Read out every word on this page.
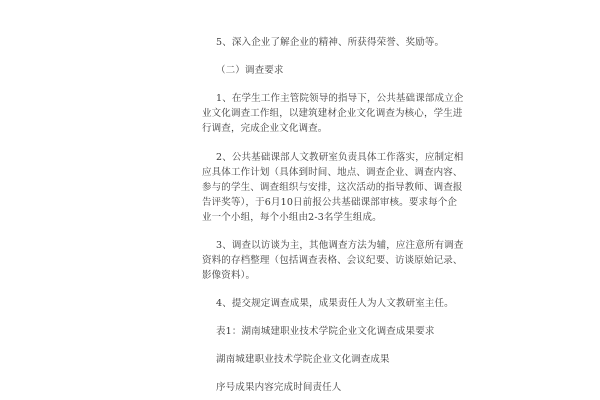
5、深入企业了解企业的精神、所获得荣誉、奖励等。
（二）调查要求
1、在学生工作主管院领导的指导下，公共基础课部成立企
业文化调查工作组，以建筑建材企业文化调查为核心，学生进
行调查，完成企业文化调查。
2、公共基础课部人文教研室负责具体工作落实，应制定相
应具体工作计划（具体到时间、地点、调查企业、调查内容、
参与的学生、调查组织与安排，这次活动的指导教师、调查报
告评奖等），于6月10日前报公共基础课部审核。要求每个企
业一个小组，每个小组由2-3名学生组成。
3、调查以访谈为主，其他调查方法为辅，应注意所有调查
资料的存档整理（包括调查表格、会议纪要、访谈原始记录、
影像资料）。
4、提交规定调查成果，成果责任人为人文教研室主任。
表1：湖南城建职业技术学院企业文化调查成果要求
湖南城建职业技术学院企业文化调查成果
序号成果内容完成时间责任人
